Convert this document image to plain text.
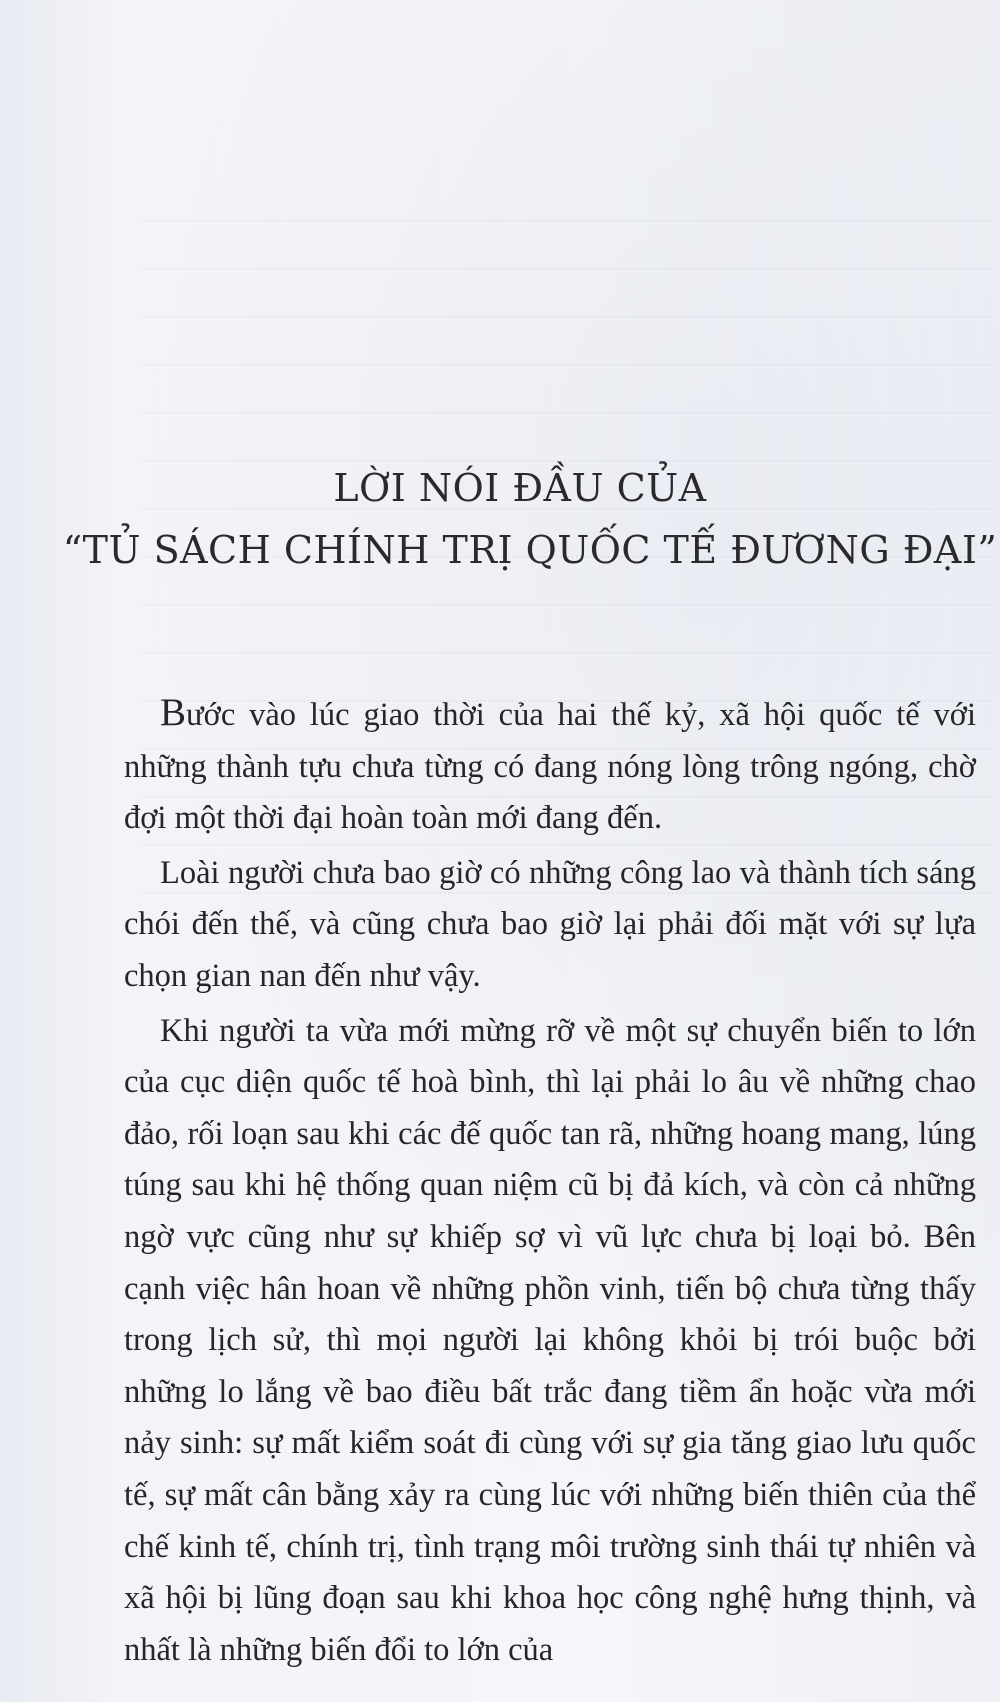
LỜI NÓI ĐẦU CỦA
“TỦ SÁCH CHÍNH TRỊ QUỐC TẾ ĐƯƠNG ĐẠI”

Bước vào lúc giao thời của hai thế kỷ, xã hội quốc tế với những thành tựu chưa từng có đang nóng lòng trông ngóng, chờ đợi một thời đại hoàn toàn mới đang đến.

Loài người chưa bao giờ có những công lao và thành tích sáng chói đến thế, và cũng chưa bao giờ lại phải đối mặt với sự lựa chọn gian nan đến như vậy.

Khi người ta vừa mới mừng rỡ về một sự chuyển biến to lớn của cục diện quốc tế hoà bình, thì lại phải lo âu về những chao đảo, rối loạn sau khi các đế quốc tan rã, những hoang mang, lúng túng sau khi hệ thống quan niệm cũ bị đả kích, và còn cả những ngờ vực cũng như sự khiếp sợ vì vũ lực chưa bị loại bỏ. Bên cạnh việc hân hoan về những phồn vinh, tiến bộ chưa từng thấy trong lịch sử, thì mọi người lại không khỏi bị trói buộc bởi những lo lắng về bao điều bất trắc đang tiềm ẩn hoặc vừa mới nảy sinh: sự mất kiểm soát đi cùng với sự gia tăng giao lưu quốc tế, sự mất cân bằng xảy ra cùng lúc với những biến thiên của thể chế kinh tế, chính trị, tình trạng môi trường sinh thái tự nhiên và xã hội bị lũng đoạn sau khi khoa học công nghệ hưng thịnh, và nhất là những biến đổi to lớn của
